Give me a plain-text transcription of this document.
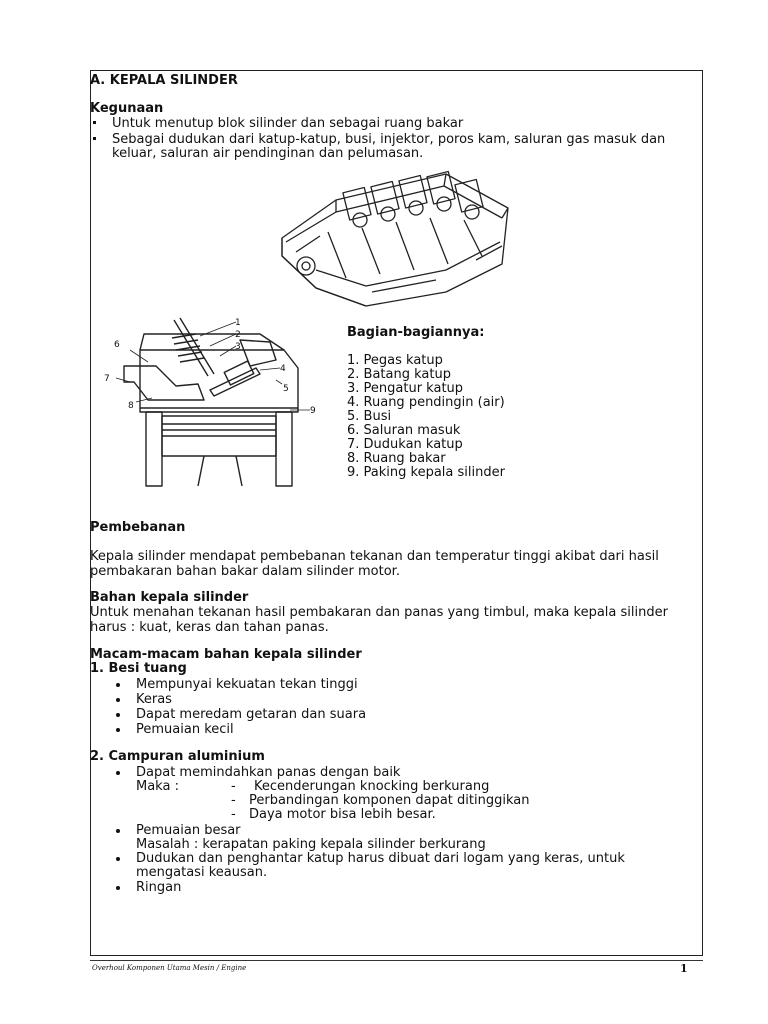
A. KEPALA SILINDER
Kegunaan
Untuk menutup blok silinder dan sebagai ruang bakar
Sebagai dudukan dari katup-katup, busi, injektor, poros kam, saluran gas masuk dan
keluar, saluran air pendinginan dan pelumasan.
1
2
3
4
5
6
7
8	9
Bagian-bagiannya:
1. Pegas katup
2. Batang katup
3. Pengatur katup
4. Ruang pendingin (air)
5. Busi
6. Saluran masuk
7. Dudukan katup
8. Ruang bakar
9. Paking kepala silinder
Pembebanan
Kepala silinder mendapat pembebanan tekanan dan temperatur tinggi akibat dari hasil
pembakaran bahan bakar dalam silinder motor.
Bahan kepala silinder
Untuk menahan tekanan hasil pembakaran dan panas yang timbul, maka kepala silinder
harus : kuat, keras dan tahan panas.
Macam-macam bahan kepala silinder
1. Besi tuang
Mempunyai kekuatan tekan tinggi
Keras
Dapat meredam getaran dan suara
Pemuaian kecil
2. Campuran aluminium
Dapat memindahkan panas dengan baik
Maka :	- Kecenderungan knocking berkurang
- Perbandingan komponen dapat ditinggikan
- Daya motor bisa lebih besar.
Pemuaian besar
Masalah : kerapatan paking kepala silinder berkurang
Dudukan dan penghantar katup harus dibuat dari logam yang keras, untuk
mengatasi keausan.
Ringan
Overhoul Komponen Utama Mesin / Engine	1
